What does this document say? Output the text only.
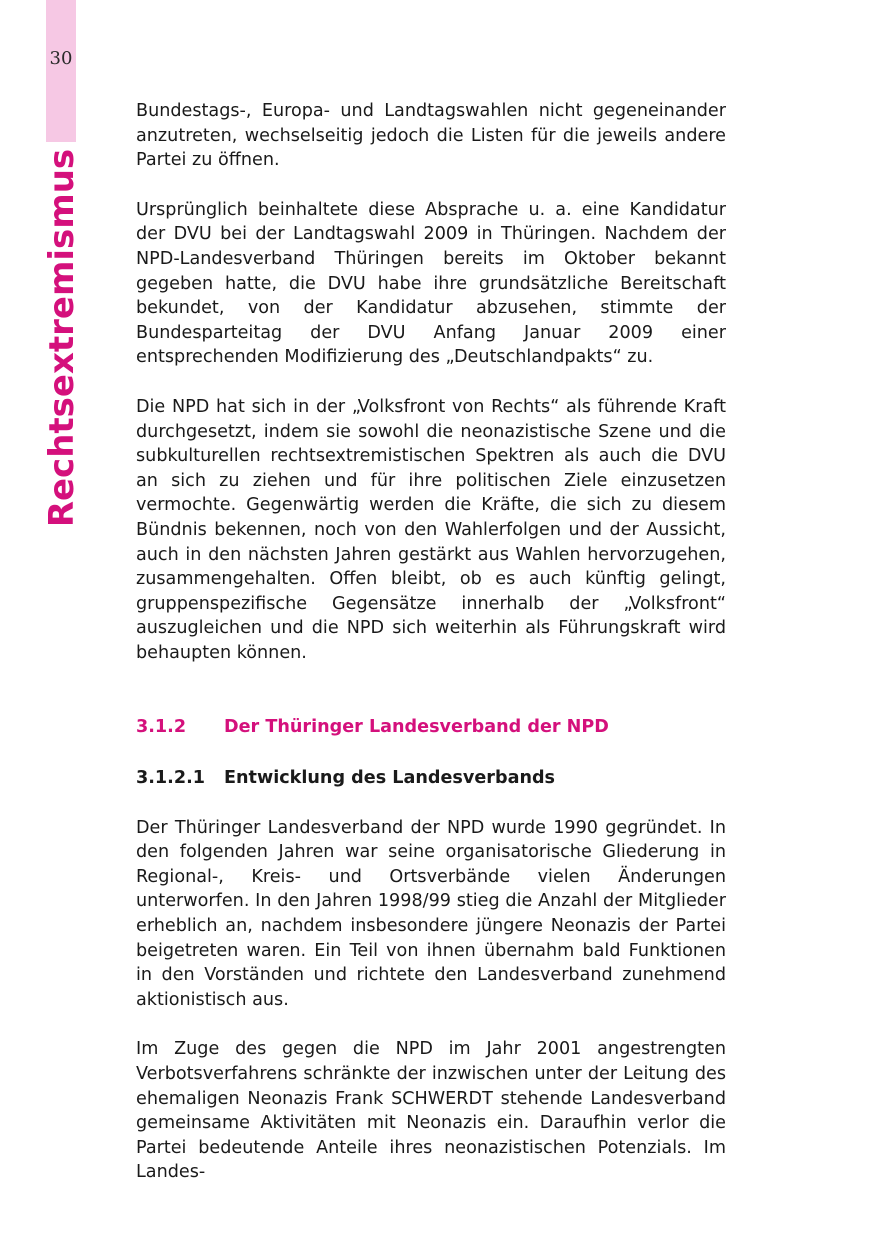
30
Rechtsextremismus

Bundestags-, Europa- und Landtagswahlen nicht gegeneinander anzutreten, wechselseitig jedoch die Listen für die jeweils andere Partei zu öffnen.

Ursprünglich beinhaltete diese Absprache u. a. eine Kandidatur der DVU bei der Landtagswahl 2009 in Thüringen. Nachdem der NPD-Landesverband Thüringen bereits im Oktober bekannt gegeben hatte, die DVU habe ihre grundsätzliche Bereitschaft bekundet, von der Kandidatur abzusehen, stimmte der Bundesparteitag der DVU Anfang Januar 2009 einer entsprechenden Modifizierung des „Deutschlandpakts“ zu.

Die NPD hat sich in der „Volksfront von Rechts“ als führende Kraft durchgesetzt, indem sie sowohl die neonazistische Szene und die subkulturellen rechtsextremistischen Spektren als auch die DVU an sich zu ziehen und für ihre politischen Ziele einzusetzen vermochte. Gegenwärtig werden die Kräfte, die sich zu diesem Bündnis bekennen, noch von den Wahlerfolgen und der Aussicht, auch in den nächsten Jahren gestärkt aus Wahlen hervorzugehen, zusammengehalten. Offen bleibt, ob es auch künftig gelingt, gruppenspezifische Gegensätze innerhalb der „Volksfront“ auszugleichen und die NPD sich weiterhin als Führungskraft wird behaupten können.

3.1.2	Der Thüringer Landesverband der NPD
3.1.2.1	Entwicklung des Landesverbands

Der Thüringer Landesverband der NPD wurde 1990 gegründet. In den folgenden Jahren war seine organisatorische Gliederung in Regional-, Kreis- und Ortsverbände vielen Änderungen unterworfen. In den Jahren 1998/99 stieg die Anzahl der Mitglieder erheblich an, nachdem insbesondere jüngere Neonazis der Partei beigetreten waren. Ein Teil von ihnen übernahm bald Funktionen in den Vorständen und richtete den Landesverband zunehmend aktionistisch aus.

Im Zuge des gegen die NPD im Jahr 2001 angestrengten Verbotsverfahrens schränkte der inzwischen unter der Leitung des ehemaligen Neonazis Frank SCHWERDT stehende Landesverband gemeinsame Aktivitäten mit Neonazis ein. Daraufhin verlor die Partei bedeutende Anteile ihres neonazistischen Potenzials. Im Landes-
